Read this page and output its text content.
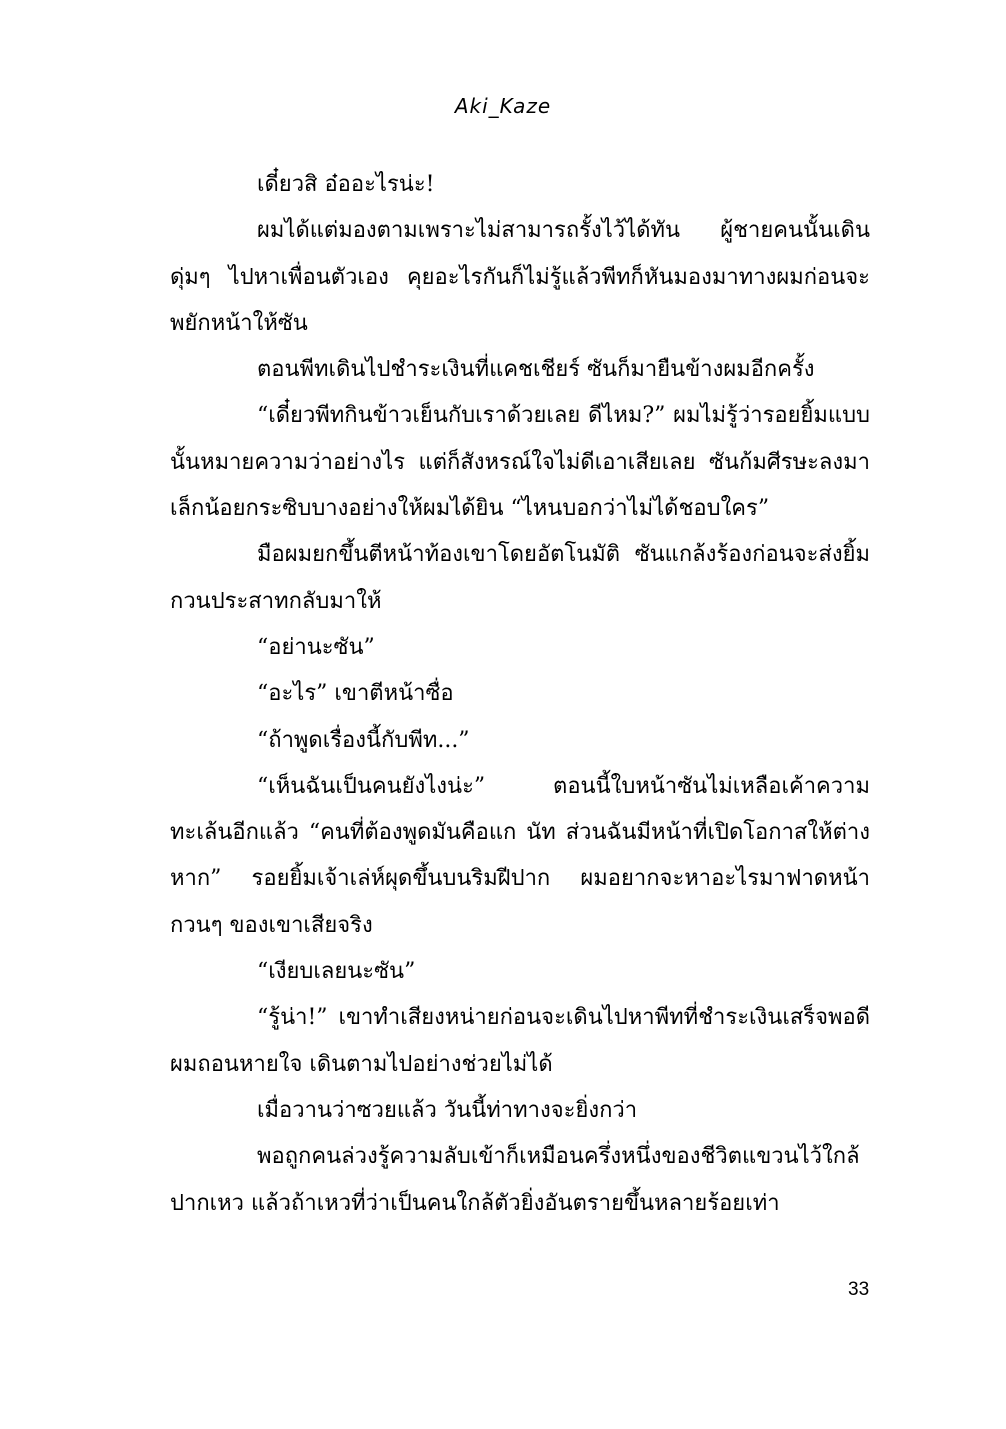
Aki_Kaze

เดี๋ยวสิ อ๋ออะไรน่ะ!

ผมได้แต่มองตามเพราะไม่สามารถรั้งไว้ได้ทัน ผู้ชายคนนั้นเดินดุ่มๆ ไปหาเพื่อนตัวเอง คุยอะไรกันก็ไม่รู้แล้วพีทก็หันมองมาทางผมก่อนจะพยักหน้าให้ซัน

ตอนพีทเดินไปชำระเงินที่แคชเชียร์ ซันก็มายืนข้างผมอีกครั้ง

“เดี๋ยวพีทกินข้าวเย็นกับเราด้วยเลย ดีไหม?” ผมไม่รู้ว่ารอยยิ้มแบบนั้นหมายความว่าอย่างไร แต่ก็สังหรณ์ใจไม่ดีเอาเสียเลย ซันก้มศีรษะลงมาเล็กน้อยกระซิบบางอย่างให้ผมได้ยิน “ไหนบอกว่าไม่ได้ชอบใคร”

มือผมยกขึ้นตีหน้าท้องเขาโดยอัตโนมัติ ซันแกล้งร้องก่อนจะส่งยิ้มกวนประสาทกลับมาให้

“อย่านะซัน”

“อะไร” เขาตีหน้าซื่อ

“ถ้าพูดเรื่องนี้กับพีท...”

“เห็นฉันเป็นคนยังไงน่ะ” ตอนนี้ใบหน้าซันไม่เหลือเค้าความทะเล้นอีกแล้ว “คนที่ต้องพูดมันคือแก นัท ส่วนฉันมีหน้าที่เปิดโอกาสให้ต่างหาก” รอยยิ้มเจ้าเล่ห์ผุดขึ้นบนริมฝีปาก ผมอยากจะหาอะไรมาฟาดหน้ากวนๆ ของเขาเสียจริง

“เงียบเลยนะซัน”

“รู้น่า!” เขาทำเสียงหน่ายก่อนจะเดินไปหาพีทที่ชำระเงินเสร็จพอดี ผมถอนหายใจ เดินตามไปอย่างช่วยไม่ได้

เมื่อวานว่าซวยแล้ว วันนี้ท่าทางจะยิ่งกว่า

พอถูกคนล่วงรู้ความลับเข้าก็เหมือนครึ่งหนึ่งของชีวิตแขวนไว้ใกล้ปากเหว แล้วถ้าเหวที่ว่าเป็นคนใกล้ตัวยิ่งอันตรายขึ้นหลายร้อยเท่า

33
